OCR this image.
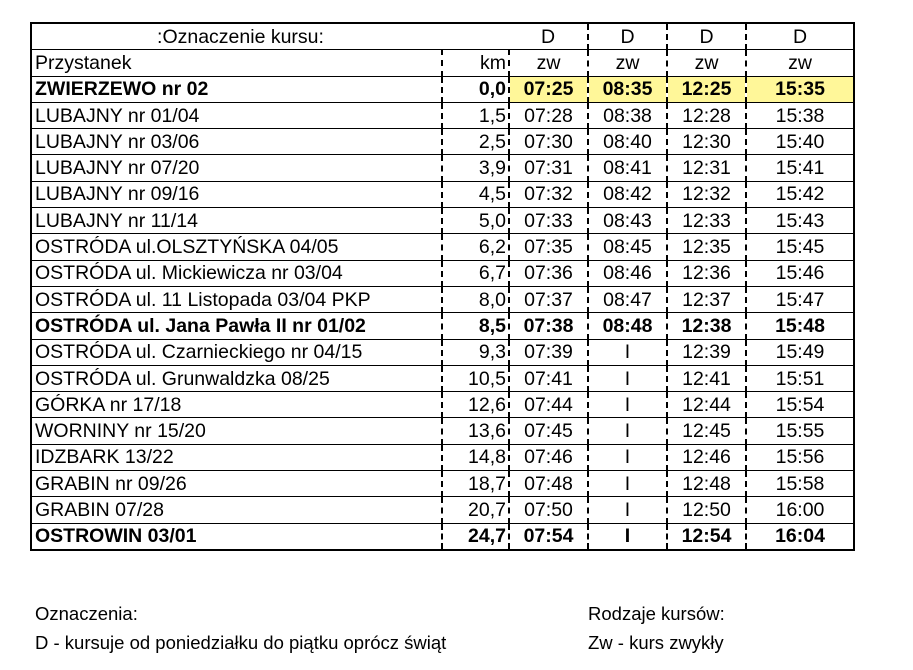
:Oznaczenie kursu:		D	D	D	D
Przystanek	km	zw	zw	zw	zw
ZWIERZEWO nr 02	0,0	07:25	08:35	12:25	15:35
LUBAJNY nr 01/04	1,5	07:28	08:38	12:28	15:38
LUBAJNY nr 03/06	2,5	07:30	08:40	12:30	15:40
LUBAJNY nr 07/20	3,9	07:31	08:41	12:31	15:41
LUBAJNY nr 09/16	4,5	07:32	08:42	12:32	15:42
LUBAJNY nr 11/14	5,0	07:33	08:43	12:33	15:43
OSTRÓDA ul.OLSZTYŃSKA 04/05	6,2	07:35	08:45	12:35	15:45
OSTRÓDA ul. Mickiewicza nr 03/04	6,7	07:36	08:46	12:36	15:46
OSTRÓDA ul. 11 Listopada 03/04 PKP	8,0	07:37	08:47	12:37	15:47
OSTRÓDA ul. Jana Pawła II nr 01/02	8,5	07:38	08:48	12:38	15:48
OSTRÓDA ul. Czarnieckiego nr 04/15	9,3	07:39	I	12:39	15:49
OSTRÓDA ul. Grunwaldzka 08/25	10,5	07:41	I	12:41	15:51
GÓRKA nr 17/18	12,6	07:44	I	12:44	15:54
WORNINY nr 15/20	13,6	07:45	I	12:45	15:55
IDZBARK 13/22	14,8	07:46	I	12:46	15:56
GRABIN nr 09/26	18,7	07:48	I	12:48	15:58
GRABIN 07/28	20,7	07:50	I	12:50	16:00
OSTROWIN 03/01	24,7	07:54	I	12:54	16:04
Oznaczenia:
D - kursuje od poniedziałku do piątku oprócz świąt
Rodzaje kursów:
Zw - kurs zwykły
